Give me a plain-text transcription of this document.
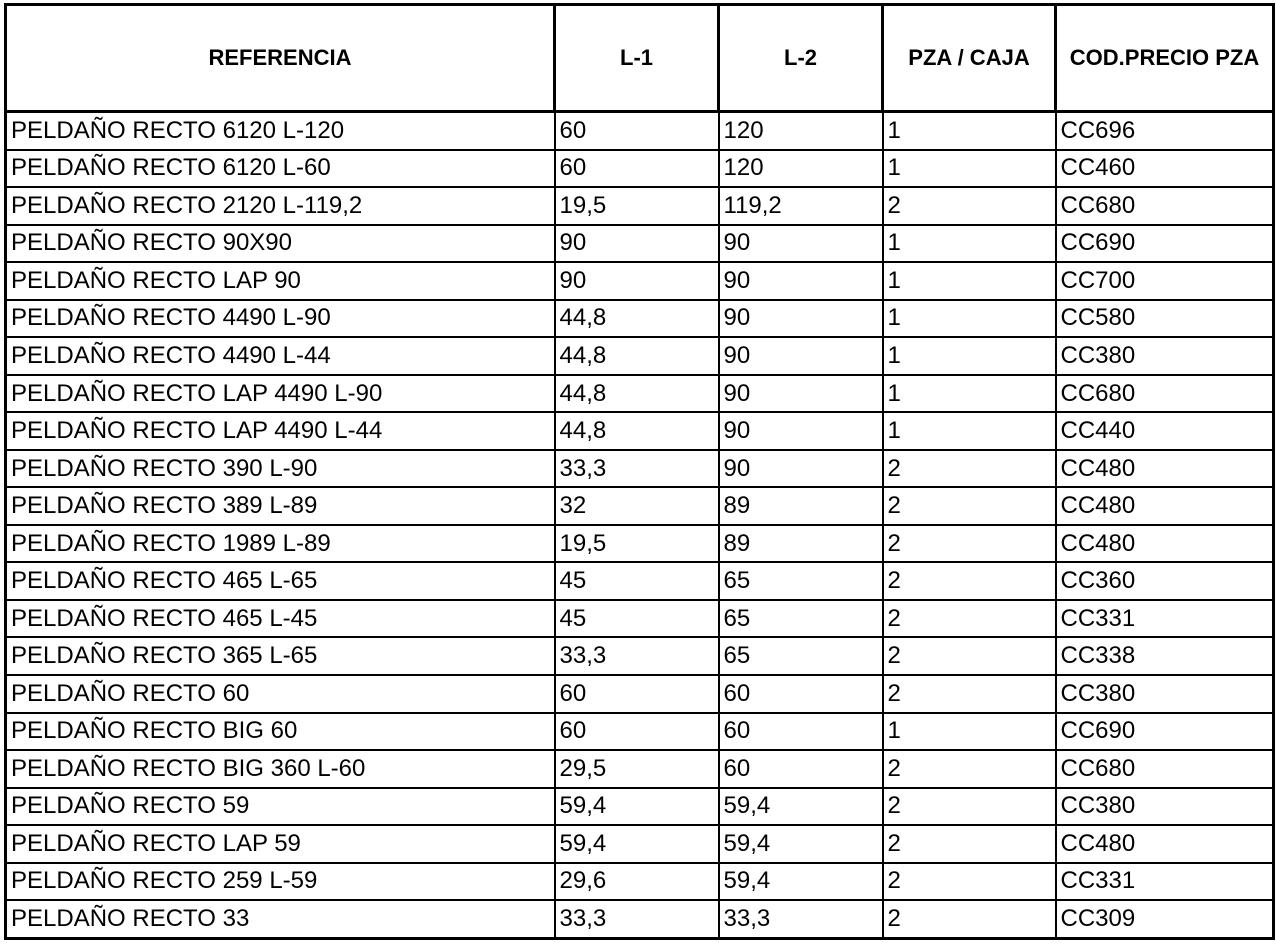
REFERENCIA	L-1	L-2	PZA / CAJA	COD.PRECIO PZA
PELDAÑO RECTO 6120 L-120	60	120	1	CC696
PELDAÑO RECTO 6120 L-60	60	120	1	CC460
PELDAÑO RECTO 2120 L-119,2	19,5	119,2	2	CC680
PELDAÑO RECTO 90X90	90	90	1	CC690
PELDAÑO RECTO LAP 90	90	90	1	CC700
PELDAÑO RECTO 4490 L-90	44,8	90	1	CC580
PELDAÑO RECTO 4490 L-44	44,8	90	1	CC380
PELDAÑO RECTO LAP 4490 L-90	44,8	90	1	CC680
PELDAÑO RECTO LAP 4490 L-44	44,8	90	1	CC440
PELDAÑO RECTO 390 L-90	33,3	90	2	CC480
PELDAÑO RECTO 389 L-89	32	89	2	CC480
PELDAÑO RECTO 1989 L-89	19,5	89	2	CC480
PELDAÑO RECTO 465 L-65	45	65	2	CC360
PELDAÑO RECTO 465 L-45	45	65	2	CC331
PELDAÑO RECTO 365 L-65	33,3	65	2	CC338
PELDAÑO RECTO 60	60	60	2	CC380
PELDAÑO RECTO BIG 60	60	60	1	CC690
PELDAÑO RECTO BIG 360 L-60	29,5	60	2	CC680
PELDAÑO RECTO 59	59,4	59,4	2	CC380
PELDAÑO RECTO LAP 59	59,4	59,4	2	CC480
PELDAÑO RECTO 259 L-59	29,6	59,4	2	CC331
PELDAÑO RECTO 33	33,3	33,3	2	CC309
